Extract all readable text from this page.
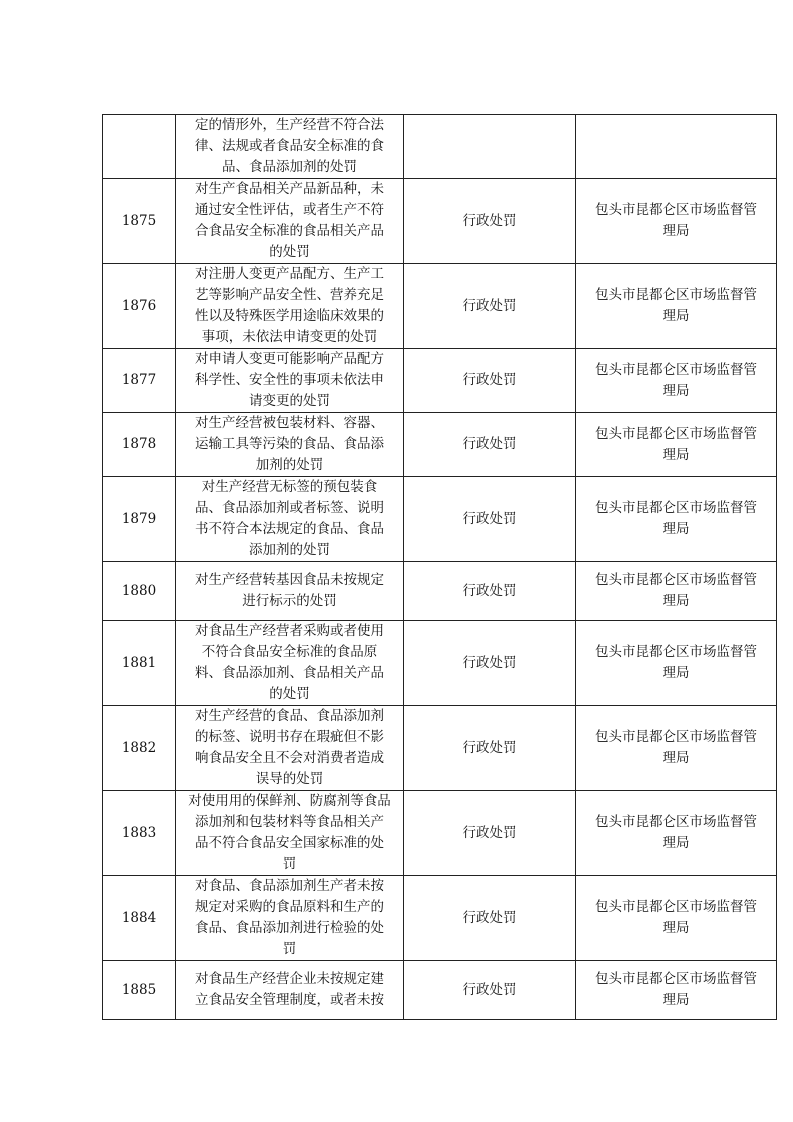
	定的情形外，生产经营不符合法
律、法规或者食品安全标准的食
品、食品添加剂的处罚		

1875	对生产食品相关产品新品种，未
通过安全性评估，或者生产不符
合食品安全标准的食品相关产品
的处罚	行政处罚	包头市昆都仑区市场监督管
理局

1876	对注册人变更产品配方、生产工
艺等影响产品安全性、营养充足
性以及特殊医学用途临床效果的
事项，未依法申请变更的处罚	行政处罚	包头市昆都仑区市场监督管
理局

1877	对申请人变更可能影响产品配方
科学性、安全性的事项未依法申
请变更的处罚	行政处罚	包头市昆都仑区市场监督管
理局

1878	对生产经营被包装材料、容器、
运输工具等污染的食品、食品添
加剂的处罚	行政处罚	包头市昆都仑区市场监督管
理局

1879	对生产经营无标签的预包装食
品、食品添加剂或者标签、说明
书不符合本法规定的食品、食品
添加剂的处罚	行政处罚	包头市昆都仑区市场监督管
理局

1880	对生产经营转基因食品未按规定
进行标示的处罚	行政处罚	包头市昆都仑区市场监督管
理局

1881	对食品生产经营者采购或者使用
不符合食品安全标准的食品原
料、食品添加剂、食品相关产品
的处罚	行政处罚	包头市昆都仑区市场监督管
理局

1882	对生产经营的食品、食品添加剂
的标签、说明书存在瑕疵但不影
响食品安全且不会对消费者造成
误导的处罚	行政处罚	包头市昆都仑区市场监督管
理局

1883	对使用用的保鲜剂、防腐剂等食品
添加剂和包装材料等食品相关产
品不符合食品安全国家标准的处
罚	行政处罚	包头市昆都仑区市场监督管
理局

1884	对食品、食品添加剂生产者未按
规定对采购的食品原料和生产的
食品、食品添加剂进行检验的处
罚	行政处罚	包头市昆都仑区市场监督管
理局

1885	对食品生产经营企业未按规定建
立食品安全管理制度，或者未按	行政处罚	包头市昆都仑区市场监督管
理局
